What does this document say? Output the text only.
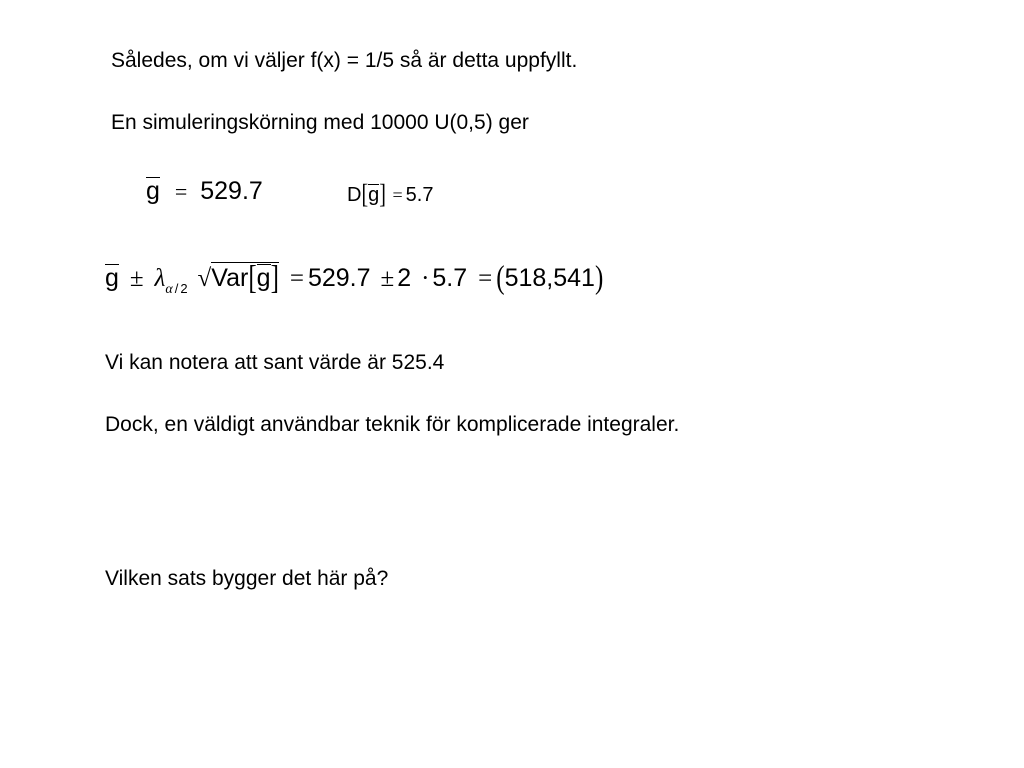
Således, om vi väljer f(x) = 1/5 så är detta uppfyllt.
En simuleringskörning med 10000 U(0,5) ger
g = 529.7	D[g] = 5.7
$g \pm \lambda_{\alpha / 2}$ √Var[g] = 529.7 ± 2 · 5.7 = (518,541)
Vi kan notera att sant värde är 525.4
Dock, en väldigt användbar teknik för komplicerade integraler.
Vilken sats bygger det här på?
